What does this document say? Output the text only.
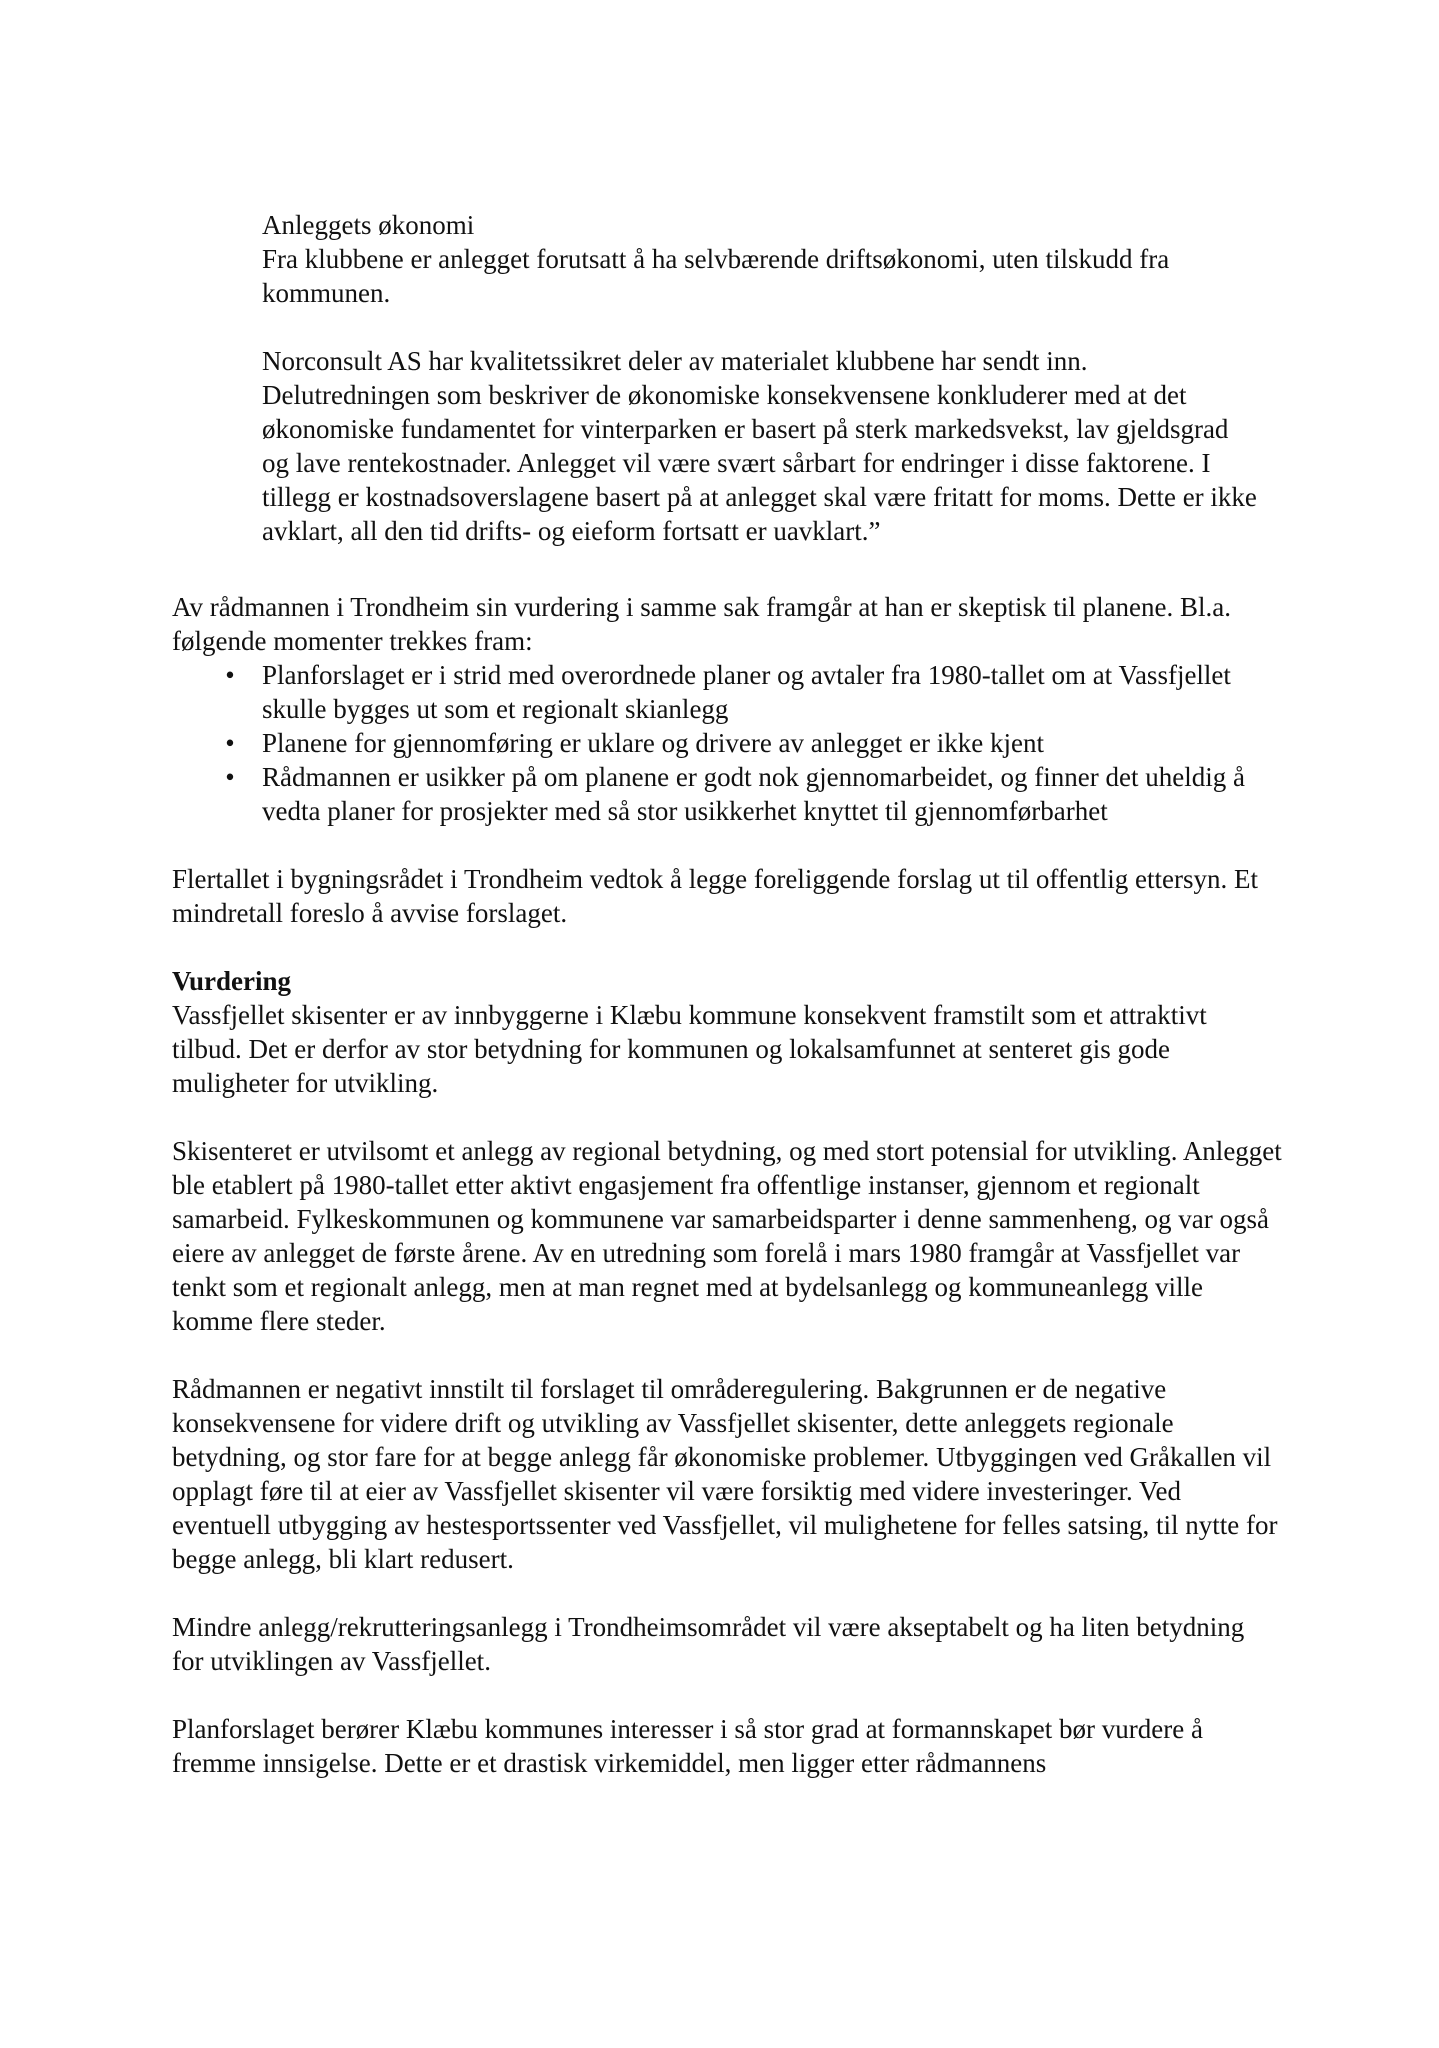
Anleggets økonomi

Fra klubbene er anlegget forutsatt å ha selvbærende driftsøkonomi, uten tilskudd fra kommunen.

Norconsult AS har kvalitetssikret deler av materialet klubbene har sendt inn. Delutredningen som beskriver de økonomiske konsekvensene konkluderer med at det økonomiske fundamentet for vinterparken er basert på sterk markedsvekst, lav gjeldsgrad og lave rentekostnader. Anlegget vil være svært sårbart for endringer i disse faktorene. I tillegg er kostnadsoverslagene basert på at anlegget skal være fritatt for moms. Dette er ikke avklart, all den tid drifts- og eieform fortsatt er uavklart.”

Av rådmannen i Trondheim sin vurdering i samme sak framgår at han er skeptisk til planene. Bl.a. følgende momenter trekkes fram:

• Planforslaget er i strid med overordnede planer og avtaler fra 1980-tallet om at Vassfjellet skulle bygges ut som et regionalt skianlegg
• Planene for gjennomføring er uklare og drivere av anlegget er ikke kjent
• Rådmannen er usikker på om planene er godt nok gjennomarbeidet, og finner det uheldig å vedta planer for prosjekter med så stor usikkerhet knyttet til gjennomførbarhet

Flertallet i bygningsrådet i Trondheim vedtok å legge foreliggende forslag ut til offentlig ettersyn. Et mindretall foreslo å avvise forslaget.

Vurdering

Vassfjellet skisenter er av innbyggerne i Klæbu kommune konsekvent framstilt som et attraktivt tilbud. Det er derfor av stor betydning for kommunen og lokalsamfunnet at senteret gis gode muligheter for utvikling.

Skisenteret er utvilsomt et anlegg av regional betydning, og med stort potensial for utvikling. Anlegget ble etablert på 1980-tallet etter aktivt engasjement fra offentlige instanser, gjennom et regionalt samarbeid. Fylkeskommunen og kommunene var samarbeidsparter i denne sammenheng, og var også eiere av anlegget de første årene. Av en utredning som forelå i mars 1980 framgår at Vassfjellet var tenkt som et regionalt anlegg, men at man regnet med at bydelsanlegg og kommuneanlegg ville komme flere steder.

Rådmannen er negativt innstilt til forslaget til områderegulering. Bakgrunnen er de negative konsekvensene for videre drift og utvikling av Vassfjellet skisenter, dette anleggets regionale betydning, og stor fare for at begge anlegg får økonomiske problemer. Utbyggingen ved Gråkallen vil opplagt føre til at eier av Vassfjellet skisenter vil være forsiktig med videre investeringer. Ved eventuell utbygging av hestesportssenter ved Vassfjellet, vil mulighetene for felles satsing, til nytte for begge anlegg, bli klart redusert.

Mindre anlegg/rekrutteringsanlegg i Trondheimsområdet vil være akseptabelt og ha liten betydning for utviklingen av Vassfjellet.

Planforslaget berører Klæbu kommunes interesser i så stor grad at formannskapet bør vurdere å fremme innsigelse. Dette er et drastisk virkemiddel, men ligger etter rådmannens
